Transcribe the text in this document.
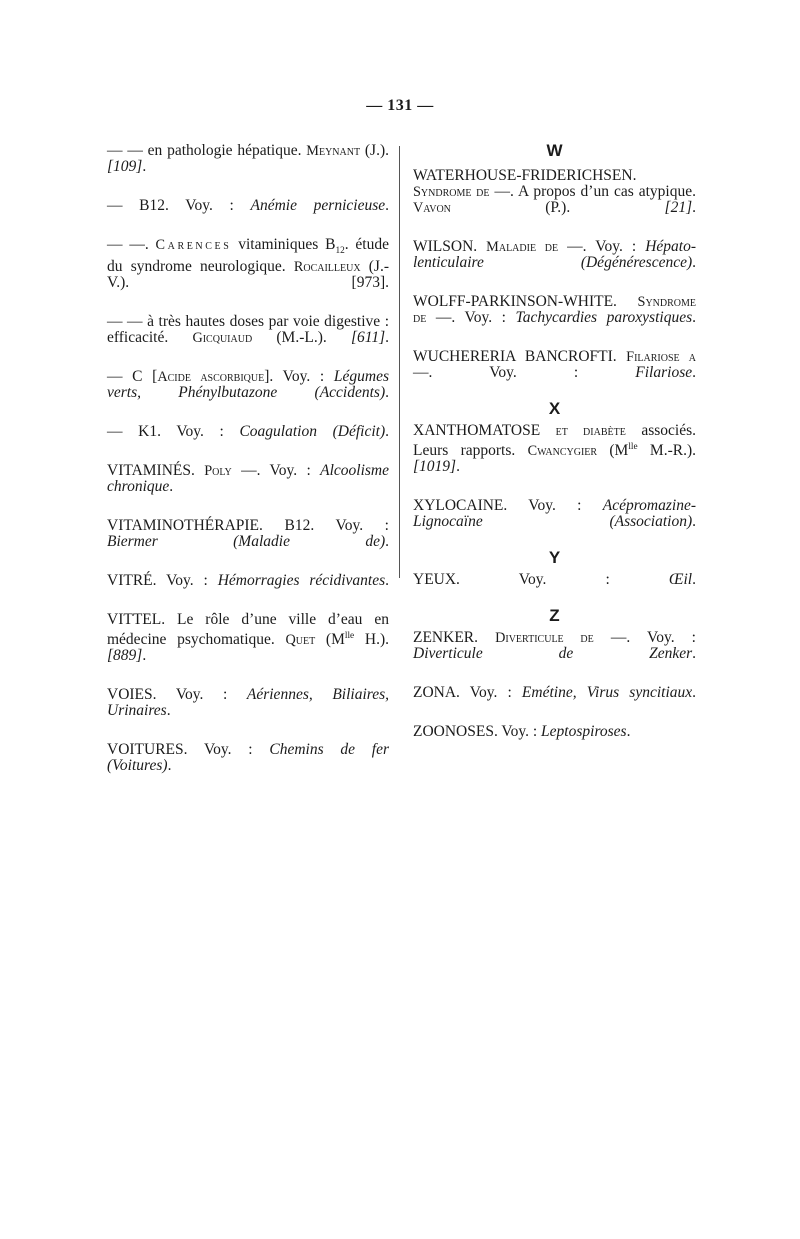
— 131 —
— — en pathologie hépatique. Meynant (J.). [109].
— B12. Voy. : Anémie pernicieuse.
— —. Carences vitaminiques $B_{12}$. étude du syndrome neurologique. Rocailleux (J.-V.). [973].
— — à très hautes doses par voie digestive : efficacité. Gicquiaud (M.-L.). [611].
— C [Acide ascorbique]. Voy. : Légumes verts, Phénylbutazone (Accidents).
— K1. Voy. : Coagulation (Déficit).
VITAMINÉS. Poly —. Voy. : Alcoolisme chronique.
VITAMINOTHÉRAPIE. B12. Voy. : Biermer (Maladie de).
VITRÉ. Voy. : Hémorragies récidivantes.
VITTEL. Le rôle d’une ville d’eau en médecine psychomatique. Quet ($M^{lle}$ H.). [889].
VOIES. Voy. : Aériennes, Biliaires, Urinaires.
VOITURES. Voy. : Chemins de fer (Voitures).
W
WATERHOUSE-FRIDERICHSEN. Syndrome de —. A propos d’un cas atypique. Vavon (P.). [21].
WILSON. Maladie de —. Voy. : Hépato-lenticulaire (Dégénérescence).
WOLFF-PARKINSON-WHITE. Syndrome de —. Voy. : Tachycardies paroxystiques.
WUCHERERIA BANCROFTI. Filariose a —. Voy. : Filariose.
X
XANTHOMATOSE et diabète associés. Leurs rapports. Cwancygier ($M^{lle}$ M.-R.). [1019].
XYLOCAINE. Voy. : Acépromazine-Lignocaïne (Association).
Y
YEUX. Voy. : Œil.
Z
ZENKER. Diverticule de —. Voy. : Diverticule de Zenker.
ZONA. Voy. : Emétine, Virus syncitiaux.
ZOONOSES. Voy. : Leptospiroses.
